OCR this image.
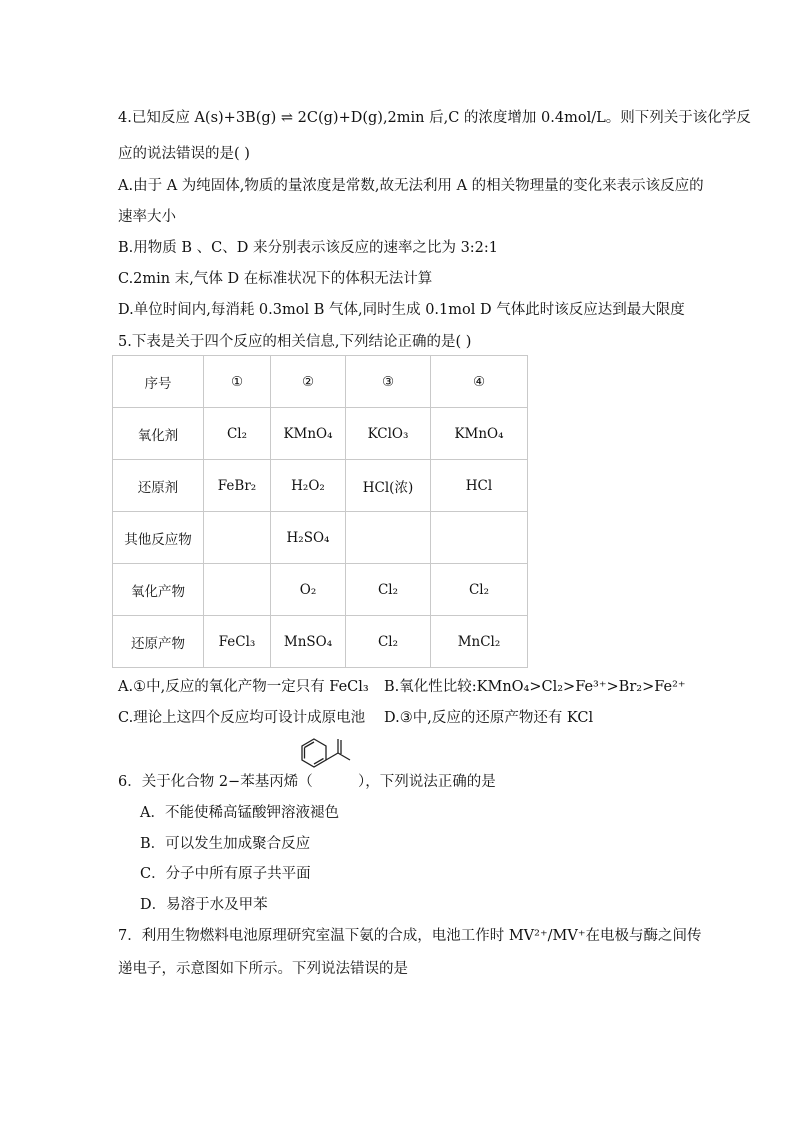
4.已知反应 A(s)+3B(g) ⇌ 2C(g)+D(g),2min 后,C 的浓度增加 0.4mol/L。则下列关于该化学反
应的说法错误的是( )
A.由于 A 为纯固体,物质的量浓度是常数,故无法利用 A 的相关物理量的变化来表示该反应的
速率大小
B.用物质 B 、C、D 来分别表示该反应的速率之比为 3:2:1
C.2min 末,气体 D 在标准状况下的体积无法计算
D.单位时间内,每消耗 0.3mol B 气体,同时生成 0.1mol D 气体此时该反应达到最大限度
5.下表是关于四个反应的相关信息,下列结论正确的是( )
序号	①	②	③	④
氧化剂	Cl₂	KMnO₄	KClO₃	KMnO₄
还原剂	FeBr₂	H₂O₂	HCl(浓)	HCl
其他反应物		H₂SO₄		
氧化产物		O₂	Cl₂	Cl₂
还原产物	FeCl₃	MnSO₄	Cl₂	MnCl₂
A.①中,反应的氧化产物一定只有 FeCl₃ B.氧化性比较:KMnO₄>Cl₂>Fe³⁺>Br₂>Fe²⁺
C.理论上这四个反应均可设计成原电池 D.③中,反应的还原产物还有 KCl
6．关于化合物 2−苯基丙烯（	），下列说法正确的是
A．不能使稀高锰酸钾溶液褪色
B．可以发生加成聚合反应
C．分子中所有原子共平面
D．易溶于水及甲苯
7．利用生物燃料电池原理研究室温下氨的合成，电池工作时 MV²⁺/MV⁺在电极与酶之间传
递电子，示意图如下所示。下列说法错误的是
